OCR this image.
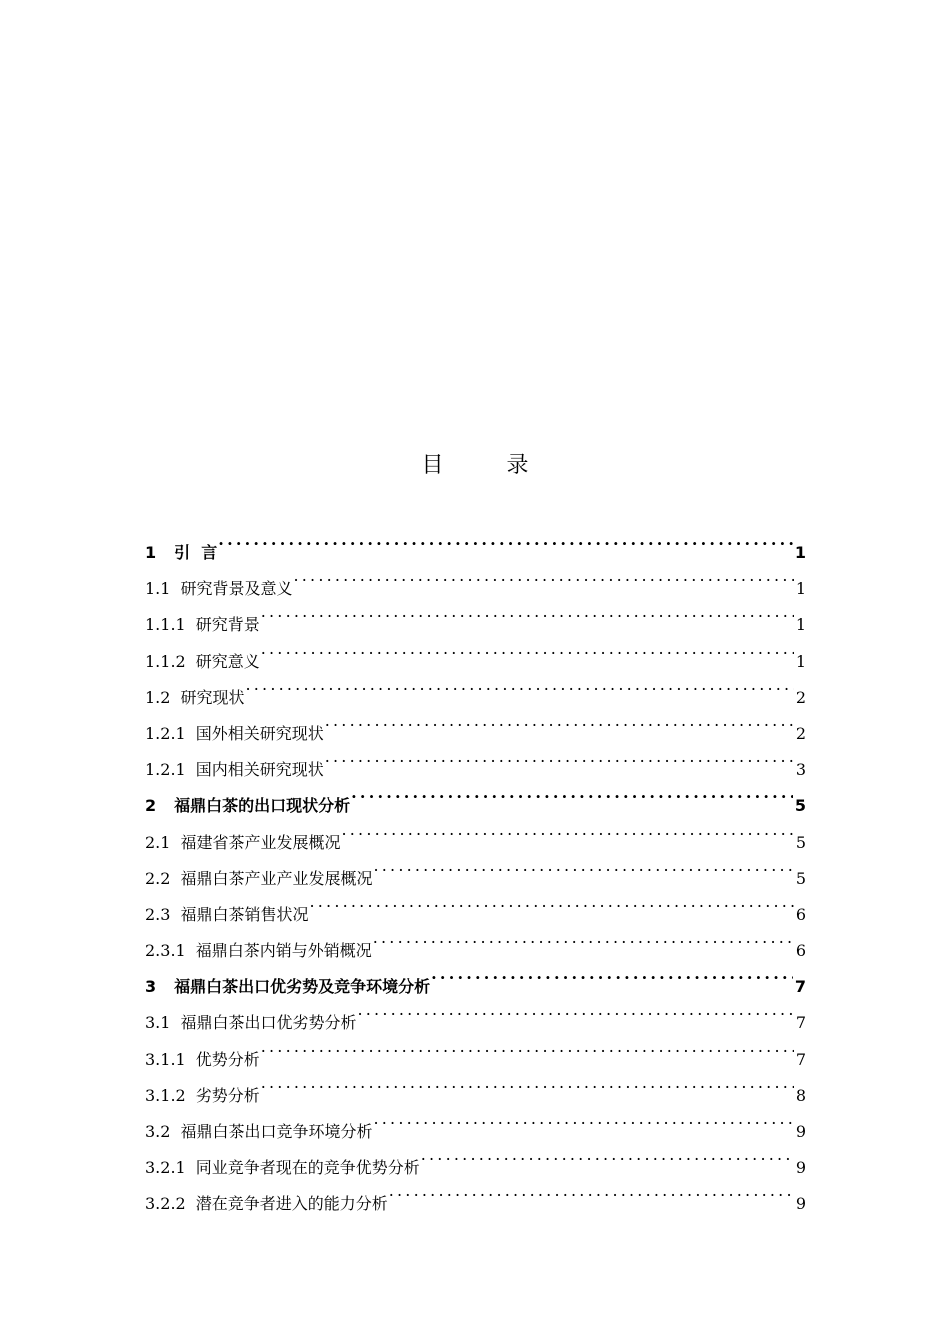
目 录
1 引  言 .....	1
1.1 研究背景及意义 .....	1
1.1.1 研究背景 .....	1
1.1.2 研究意义 .....	1
1.2 研究现状 .....	2
1.2.1 国外相关研究现状 .....	2
1.2.1 国内相关研究现状 .....	3
2 福鼎白茶的出口现状分析 .....	5
2.1 福建省茶产业发展概况 .....	5
2.2 福鼎白茶产业产业发展概况 .....	5
2.3 福鼎白茶销售状况 .....	6
2.3.1 福鼎白茶内销与外销概况 .....	6
3 福鼎白茶出口优劣势及竞争环境分析 .....	7
3.1 福鼎白茶出口优劣势分析 .....	7
3.1.1 优势分析 .....	7
3.1.2 劣势分析 .....	8
3.2 福鼎白茶出口竞争环境分析 .....	9
3.2.1 同业竞争者现在的竞争优势分析 .....	9
3.2.2 潜在竞争者进入的能力分析 .....	9
